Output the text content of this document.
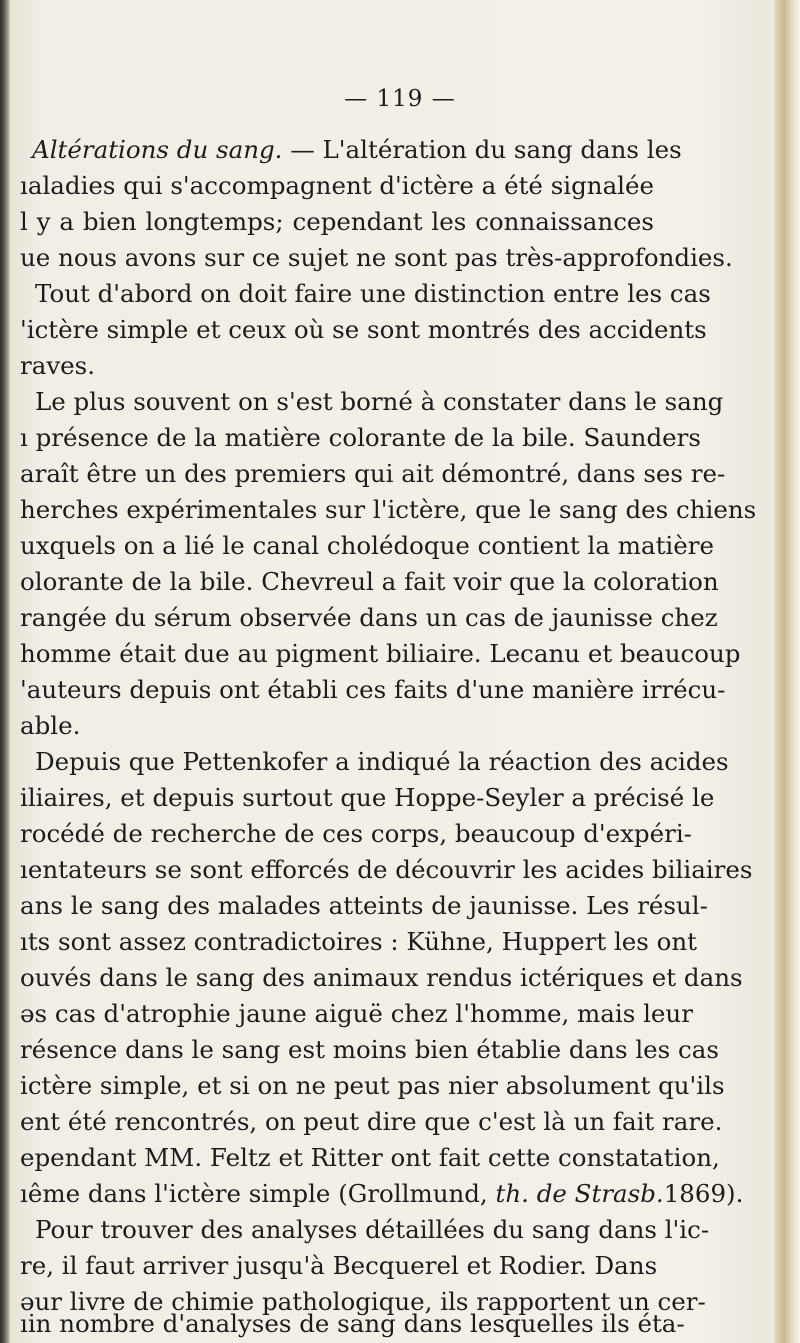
— 119 —
Altérations du sang. — L'altération du sang dans les
ıaladies qui s'accompagnent d'ictère a été signalée
l y a bien longtemps; cependant les connaissances
ue nous avons sur ce sujet ne sont pas très-approfondies.
Tout d'abord on doit faire une distinction entre les cas
'ictère simple et ceux où se sont montrés des accidents
raves.
Le plus souvent on s'est borné à constater dans le sang
ı présence de la matière colorante de la bile. Saunders
araît être un des premiers qui ait démontré, dans ses re-
herches expérimentales sur l'ictère, que le sang des chiens
uxquels on a lié le canal cholédoque contient la matière
olorante de la bile. Chevreul a fait voir que la coloration
rangée du sérum observée dans un cas de jaunisse chez
homme était due au pigment biliaire. Lecanu et beaucoup
'auteurs depuis ont établi ces faits d'une manière irrécu-
able.
Depuis que Pettenkofer a indiqué la réaction des acides
iliaires, et depuis surtout que Hoppe-Seyler a précisé le
rocédé de recherche de ces corps, beaucoup d'expéri-
ıentateurs se sont efforcés de découvrir les acides biliaires
ans le sang des malades atteints de jaunisse. Les résul-
ıts sont assez contradictoires : Kühne, Huppert les ont
ouvés dans le sang des animaux rendus ictériques et dans
əs cas d'atrophie jaune aiguë chez l'homme, mais leur
résence dans le sang est moins bien établie dans les cas
ictère simple, et si on ne peut pas nier absolument qu'ils
ent été rencontrés, on peut dire que c'est là un fait rare.
ependant MM. Feltz et Ritter ont fait cette constatation,
ıême dans l'ictère simple (Grollmund, th. de Strasb.1869).
Pour trouver des analyses détaillées du sang dans l'ic-
re, il faut arriver jusqu'à Becquerel et Rodier. Dans
əur livre de chimie pathologique, ils rapportent un cer-
ıin nombre d'analyses de sang dans lesquelles ils éta-
